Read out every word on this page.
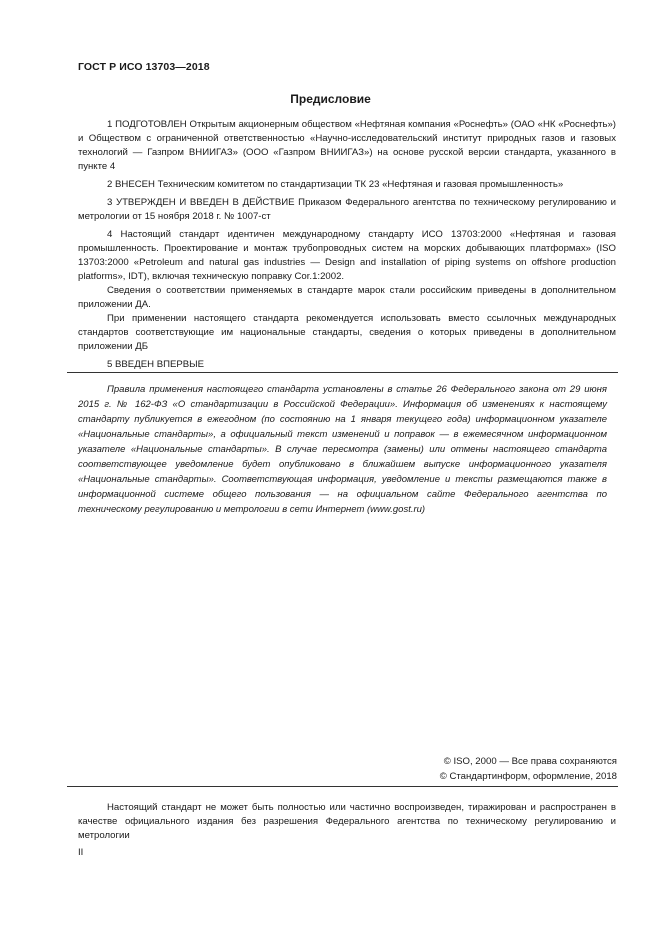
ГОСТ Р ИСО 13703—2018
Предисловие

1 ПОДГОТОВЛЕН Открытым акционерным обществом «Нефтяная компания «Роснефть» (ОАО «НК «Роснефть») и Обществом с ограниченной ответственностью «Научно-исследовательский институт природных газов и газовых технологий — Газпром ВНИИГАЗ» (ООО «Газпром ВНИИГАЗ») на основе русской версии стандарта, указанного в пункте 4

2 ВНЕСЕН Техническим комитетом по стандартизации ТК 23 «Нефтяная и газовая промышленность»

3 УТВЕРЖДЕН И ВВЕДЕН В ДЕЙСТВИЕ Приказом Федерального агентства по техническому регулированию и метрологии от 15 ноября 2018 г. № 1007-ст

4 Настоящий стандарт идентичен международному стандарту ИСО 13703:2000 «Нефтяная и газовая промышленность. Проектирование и монтаж трубопроводных систем на морских добывающих платформах» (ISO 13703:2000 «Petroleum and natural gas industries — Design and installation of piping systems on offshore production platforms», IDT), включая техническую поправку Cor.1:2002.

Сведения о соответствии применяемых в стандарте марок стали российским приведены в дополнительном приложении ДА.

При применении настоящего стандарта рекомендуется использовать вместо ссылочных международных стандартов соответствующие им национальные стандарты, сведения о которых приведены в дополнительном приложении ДБ

5 ВВЕДЕН ВПЕРВЫЕ

Правила применения настоящего стандарта установлены в статье 26 Федерального закона от 29 июня 2015 г. № 162-ФЗ «О стандартизации в Российской Федерации». Информация об изменениях к настоящему стандарту публикуется в ежегодном (по состоянию на 1 января текущего года) информационном указателе «Национальные стандарты», а официальный текст изменений и поправок — в ежемесячном информационном указателе «Национальные стандарты». В случае пересмотра (замены) или отмены настоящего стандарта соответствующее уведомление будет опубликовано в ближайшем выпуске информационного указателя «Национальные стандарты». Соответствующая информация, уведомление и тексты размещаются также в информационной системе общего пользования — на официальном сайте Федерального агентства по техническому регулированию и метрологии в сети Интернет (www.gost.ru)
© ISO, 2000 — Все права сохраняются
© Стандартинформ, оформление, 2018
Настоящий стандарт не может быть полностью или частично воспроизведен, тиражирован и распространен в качестве официального издания без разрешения Федерального агентства по техническому регулированию и метрологии
II
